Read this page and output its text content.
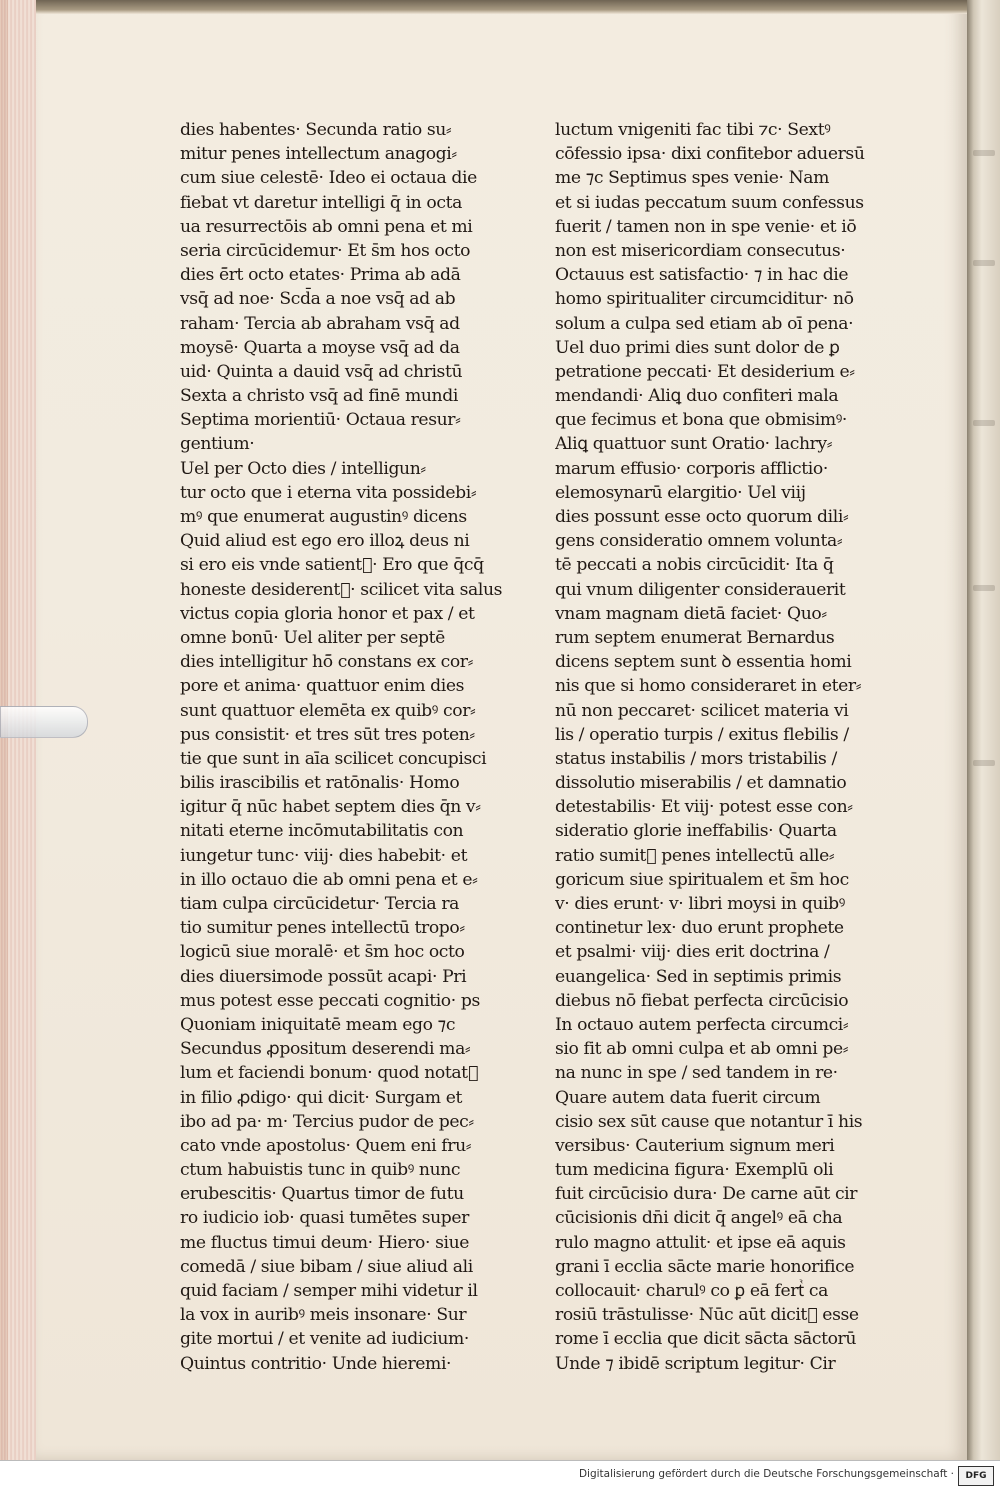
dies habentes· Secunda ratio su⸗
mitur penes intellectum anagogi⸗
cum siue celestē· Ideo ei octaua die
fiebat vt daretur intelligi q̄ in octa
ua resurrectōis ab omni pena et mi
seria circūcidemur· Et s̄m hos octo
dies ē̄rt octo etates· Prima ab adā
vsq̄ ad noe· Scd̄a a noe vsq̄ ad ab
raham· Tercia ab abraham vsq̄ ad
moysē· Quarta a moyse vsq̄ ad da
uid· Quinta a dauid vsq̄ ad christū
Sexta a christo vsq̄ ad finē mundi
Septima morientiū· Octaua resur⸗
gentium·
Uel per Octo dies / intelligun⸗
tur octo que i eterna vita possidebi⸗
mꝰ que enumerat augustinꝰ dicens
Quid aliud est ego ero illoꝝ deus ni
si ero eis vnde satientᷣ· Ero que q̄cq̄
honeste desiderentᷣ· scilicet vita salus
victus copia gloria honor et pax / et
omne bonū· Uel aliter per septē
dies intelligitur hō̄ constans ex cor⸗
pore et anima· quattuor enim dies
sunt quattuor elemēta ex quibꝰ cor⸗
pus consistit· et tres sūt tres poten⸗
tie que sunt in aīa scilicet concupisci
bilis irascibilis et ratōnalis· Homo
igitur q̄ nūc habet septem dies q̄n v⸗
nitati eterne incōmutabilitatis con
iungetur tunc· viij· dies habebit· et
in illo octauo die ab omni pena et e⸗
tiam culpa circūcidetur· Tercia ra
tio sumitur penes intellectū tropo⸗
logicū siue moralē· et s̄m hoc octo
dies diuersimode possūt acapi· Pri
mus potest esse peccati cognitio· ps
Quoniam iniquitatē meam ego ⁊c
Secundus ꝓpositum deserendi ma⸗
lum et faciendi bonum· quod notatᷣ
in filio ꝓdigo· qui dicit· Surgam et
ibo ad pa· m· Tercius pudor de pec⸗
cato vnde apostolus· Quem eni fru⸗
ctum habuistis tunc in quibꝰ nunc
erubescitis· Quartus timor de futu
ro iudicio iob· quasi tumētes super
me fluctus timui deum· Hiero· siue
comedā / siue bibam / siue aliud ali
quid faciam / semper mihi videtur il
la vox in auribꝰ meis insonare· Sur
gite mortui / et venite ad iudicium·
Quintus contritio· Unde hieremi·
luctum vnigeniti fac tibi ⁊c· Sextꝰ
cōfessio ipsa· dixi confitebor aduersū
me ⁊c Septimus spes venie· Nam
et si iudas peccatum suum confessus
fuerit / tamen non in spe venie· et iō
non est misericordiam consecutus·
Octauus est satisfactio· ⁊ in hac die
homo spiritualiter circumciditur· nō
solum a culpa sed etiam ab oī pena·
Uel duo primi dies sunt dolor de ꝑ
petratione peccati· Et desiderium e⸗
mendandi· Aliꝗ duo confiteri mala
que fecimus et bona que obmisimꝰ·
Aliꝗ quattuor sunt Oratio· lachry⸗
marum effusio· corporis afflictio·
elemosynarū elargitio· Uel viij
dies possunt esse octo quorum dili⸗
gens consideratio omnem volunta⸗
tē peccati a nobis circūcidit· Ita q̄
qui vnum diligenter considerauerit
vnam magnam dietā faciet· Quo⸗
rum septem enumerat Bernardus
dicens septem sunt ꝺ essentia homi
nis que si homo consideraret in eter⸗
nū non peccaret· scilicet materia vi
lis / operatio turpis / exitus flebilis /
status instabilis / mors tristabilis /
dissolutio miserabilis / et damnatio
detestabilis· Et viij· potest esse con⸗
sideratio glorie ineffabilis· Quarta
ratio sumitᷣ penes intellectū alle⸗
goricum siue spiritualem et s̄m hoc
v· dies erunt· v· libri moysi in quibꝰ
continetur lex· duo erunt prophete
et psalmi· viij· dies erit doctrina /
euangelica· Sed in septimis primis
diebus nō fiebat perfecta circūcisio
In octauo autem perfecta circumci⸗
sio fit ab omni culpa et ab omni pe⸗
na nunc in spe / sed tandem in re·
Quare autem data fuerit circum
cisio sex sūt cause que notantur ī his
versibus· Cauterium signum meri
tum medicina figura· Exemplū oli
fuit circūcisio dura· De carne aūt cir
cūcisionis dn̄i dicit q̄ angelꝰ eā cha
rulo magno attulit· et ipse eā aquis
grani ī ecclia sācte marie honorifice
collocauit· charulꝰ co ꝑ eā fertᷣ ca
rosiū trāstulisse· Nūc aūt dicitᷣ esse
rome ī ecclia que dicit sācta sāctorū
Unde ⁊ ibidē scriptum legitur· Cir
Digitalisierung gefördert durch die Deutsche Forschungsgemeinschaft ·	DFG
